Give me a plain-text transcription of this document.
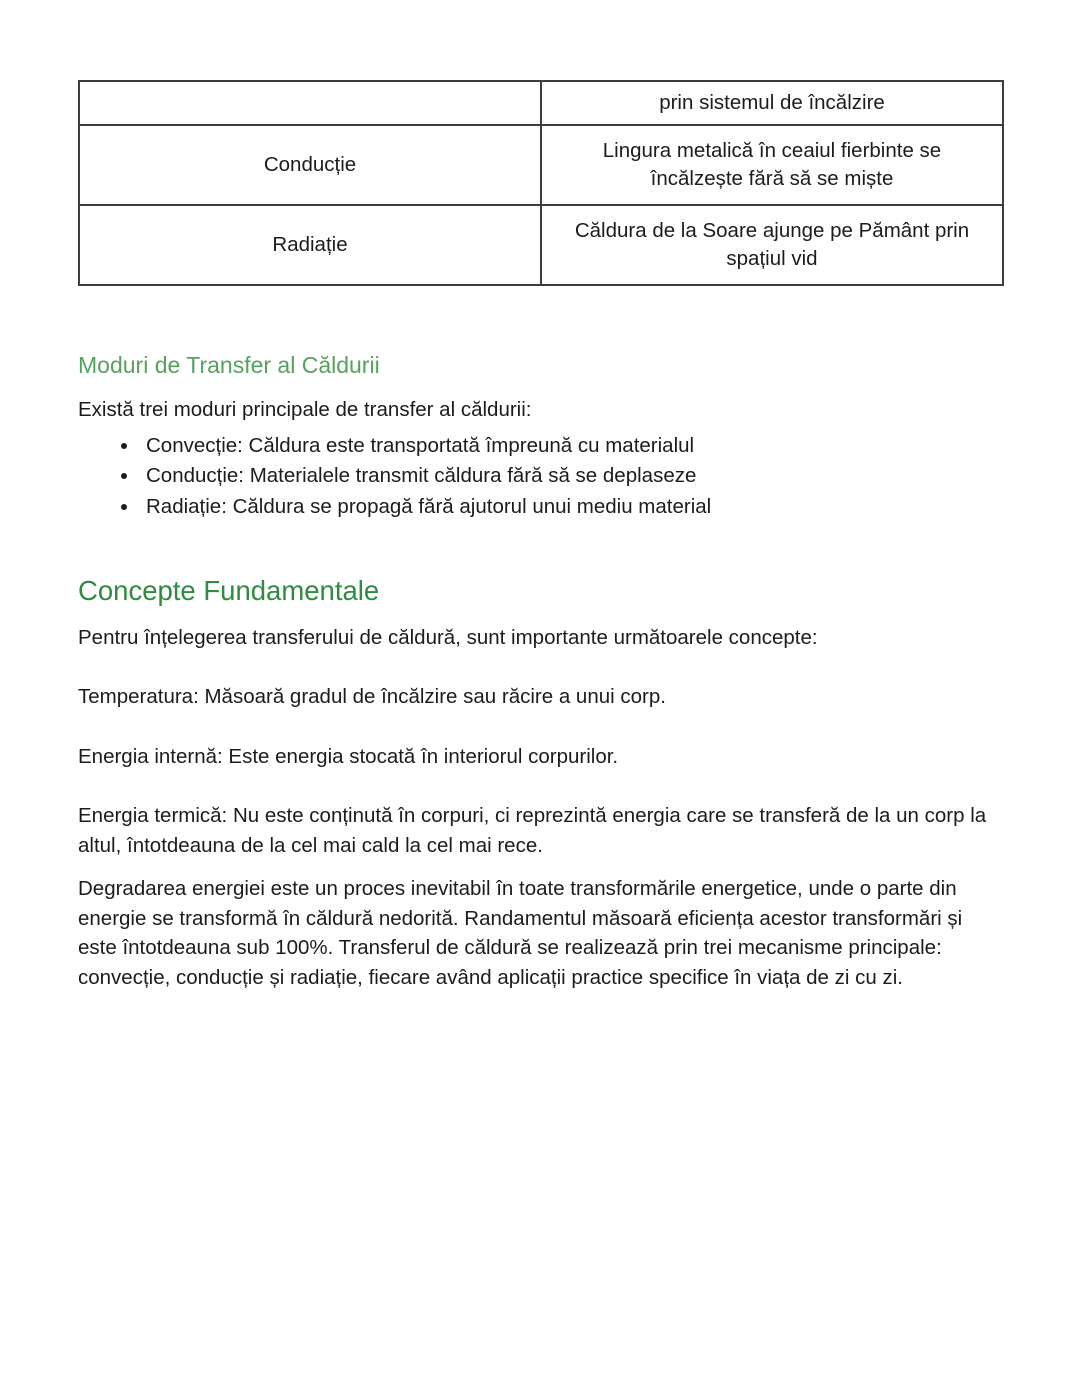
	prin sistemul de încălzire
Conducție	Lingura metalică în ceaiul fierbinte se încălzește fără să se miște
Radiație	Căldura de la Soare ajunge pe Pământ prin spațiul vid
Moduri de Transfer al Căldurii

Există trei moduri principale de transfer al căldurii:

• Convecție: Căldura este transportată împreună cu materialul
• Conducție: Materialele transmit căldura fără să se deplaseze
• Radiație: Căldura se propagă fără ajutorul unui mediu material
Concepte Fundamentale

Pentru înțelegerea transferului de căldură, sunt importante următoarele concepte:

Temperatura: Măsoară gradul de încălzire sau răcire a unui corp.

Energia internă: Este energia stocată în interiorul corpurilor.

Energia termică: Nu este conținută în corpuri, ci reprezintă energia care se transferă de la un corp la altul, întotdeauna de la cel mai cald la cel mai rece.

Degradarea energiei este un proces inevitabil în toate transformările energetice, unde o parte din energie se transformă în căldură nedorită. Randamentul măsoară eficiența acestor transformări și este întotdeauna sub 100%. Transferul de căldură se realizează prin trei mecanisme principale: convecție, conducție și radiație, fiecare având aplicații practice specifice în viața de zi cu zi.
